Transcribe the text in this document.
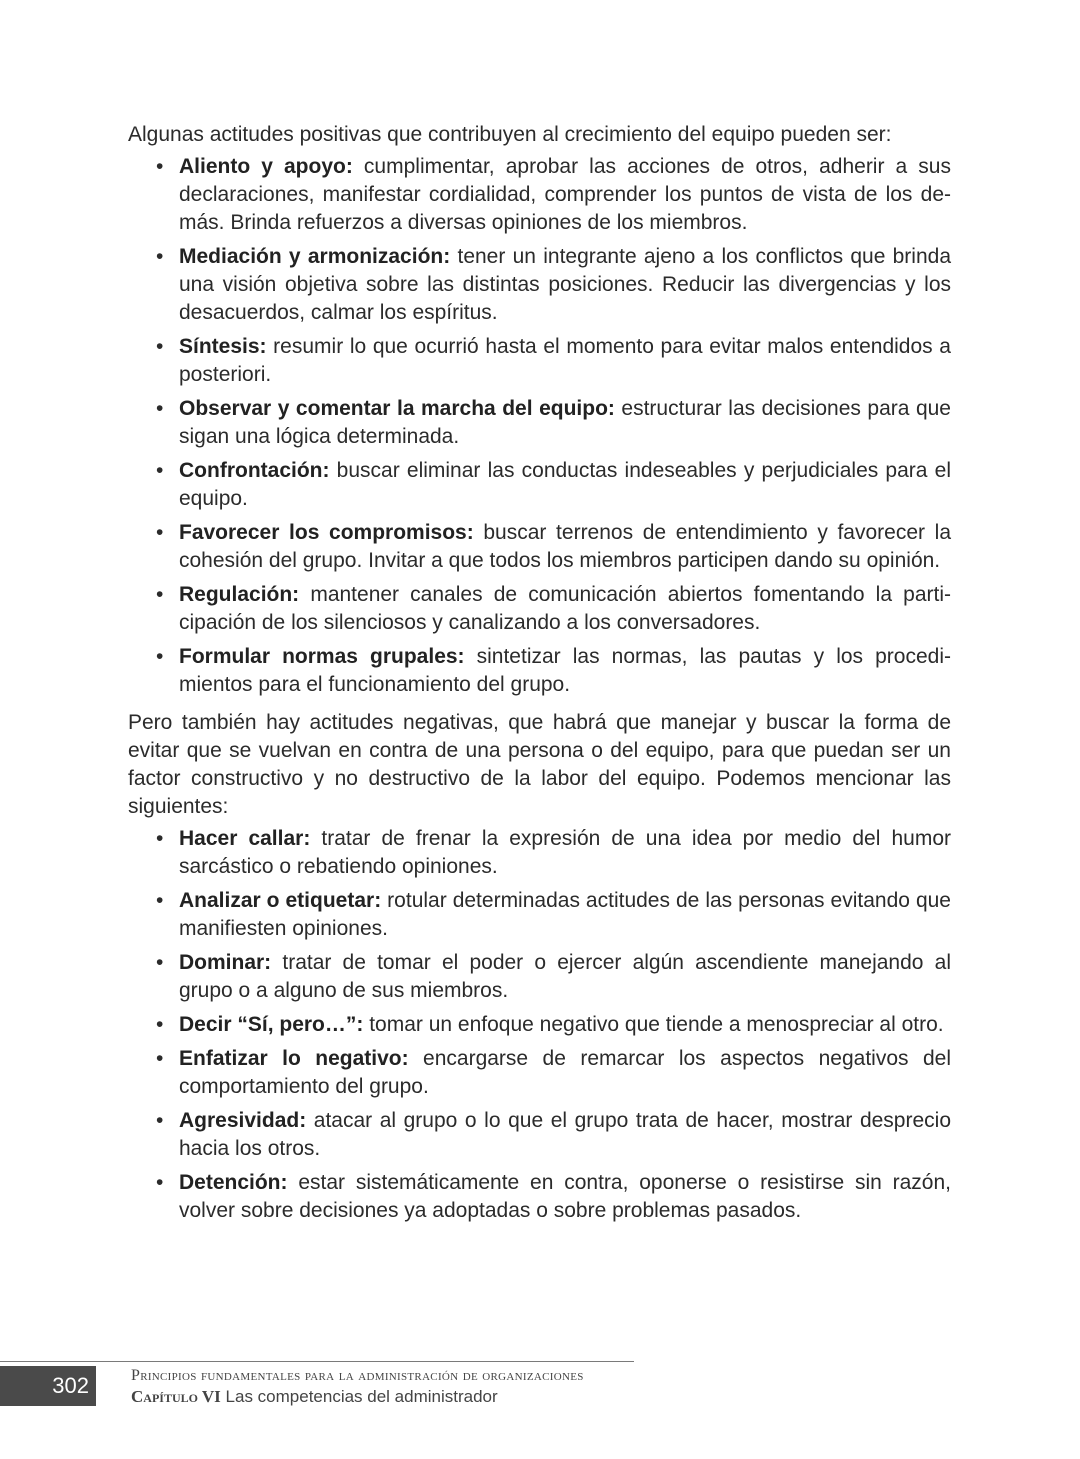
Algunas actitudes positivas que contribuyen al crecimiento del equipo pueden ser:

• Aliento y apoyo: cumplimentar, aprobar las acciones de otros, adherir a sus declaraciones, manifestar cordialidad, comprender los puntos de vista de los demás. Brinda refuerzos a diversas opiniones de los miembros.
• Mediación y armonización: tener un integrante ajeno a los conflictos que brinda una visión objetiva sobre las distintas posiciones. Reducir las divergencias y los desacuerdos, calmar los espíritus.
• Síntesis: resumir lo que ocurrió hasta el momento para evitar malos entendidos a posteriori.
• Observar y comentar la marcha del equipo: estructurar las decisiones para que sigan una lógica determinada.
• Confrontación: buscar eliminar las conductas indeseables y perjudiciales para el equipo.
• Favorecer los compromisos: buscar terrenos de entendimiento y favorecer la cohesión del grupo. Invitar a que todos los miembros participen dando su opinión.
• Regulación: mantener canales de comunicación abiertos fomentando la participación de los silenciosos y canalizando a los conversadores.
• Formular normas grupales: sintetizar las normas, las pautas y los procedimientos para el funcionamiento del grupo.

Pero también hay actitudes negativas, que habrá que manejar y buscar la forma de evitar que se vuelvan en contra de una persona o del equipo, para que puedan ser un factor constructivo y no destructivo de la labor del equipo. Podemos mencionar las siguientes:

• Hacer callar: tratar de frenar la expresión de una idea por medio del humor sarcástico o rebatiendo opiniones.
• Analizar o etiquetar: rotular determinadas actitudes de las personas evitando que manifiesten opiniones.
• Dominar: tratar de tomar el poder o ejercer algún ascendiente manejando al grupo o a alguno de sus miembros.
• Decir “Sí, pero…”: tomar un enfoque negativo que tiende a menospreciar al otro.
• Enfatizar lo negativo: encargarse de remarcar los aspectos negativos del comportamiento del grupo.
• Agresividad: atacar al grupo o lo que el grupo trata de hacer, mostrar desprecio hacia los otros.
• Detención: estar sistemáticamente en contra, oponerse o resistirse sin razón, volver sobre decisiones ya adoptadas o sobre problemas pasados.
302	Principios fundamentales para la administración de organizaciones
Capítulo VI Las competencias del administrador
